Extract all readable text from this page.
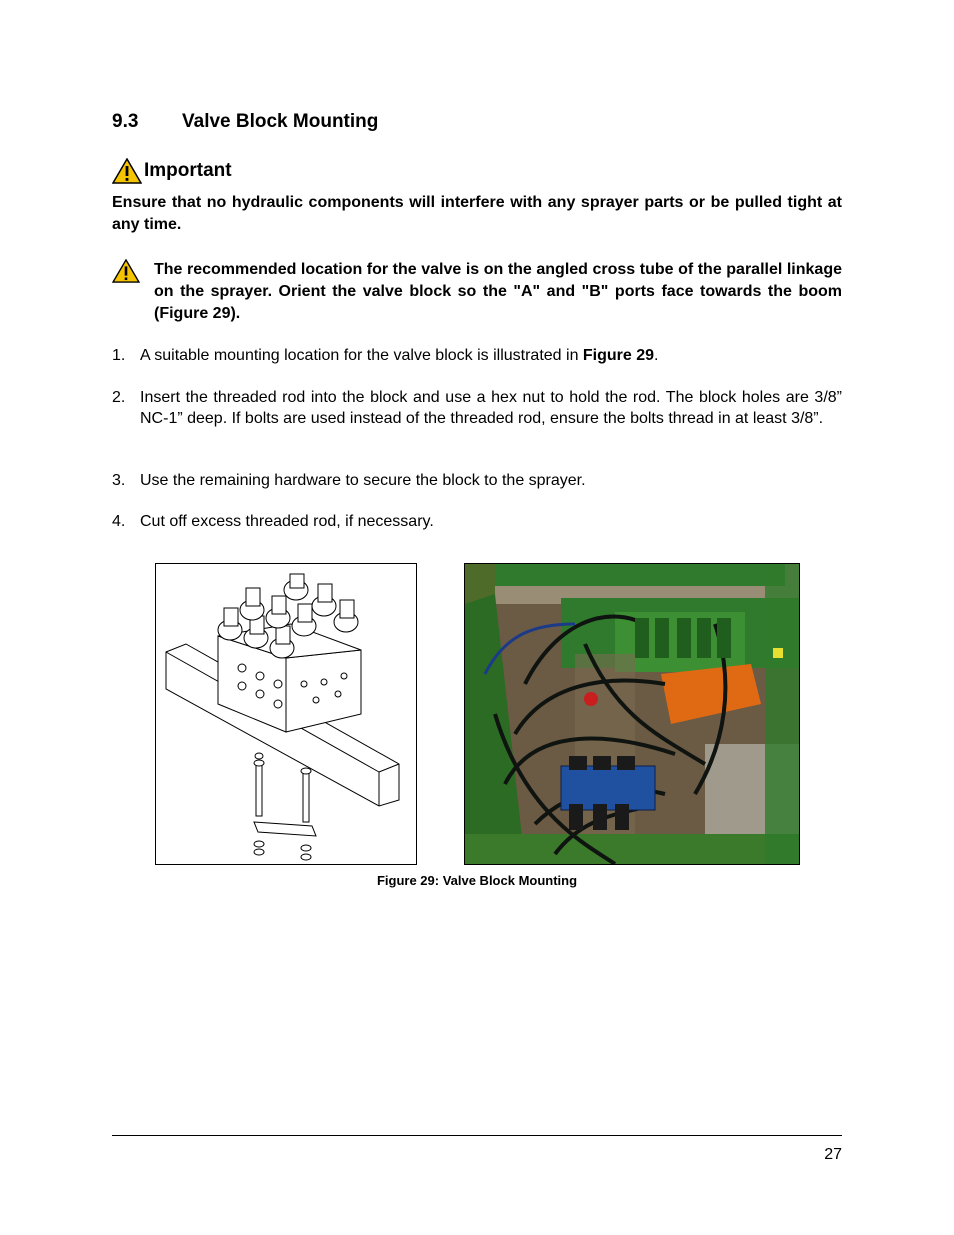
9.3 Valve Block Mounting
Important
Ensure that no hydraulic components will interfere with any sprayer parts or be pulled tight at any time.
The recommended location for the valve is on the angled cross tube of the parallel linkage on the sprayer. Orient the valve block so the "A" and "B" ports face towards the boom (Figure 29).
1. A suitable mounting location for the valve block is illustrated in Figure 29.
2. Insert the threaded rod into the block and use a hex nut to hold the rod. The block holes are 3/8” NC-1” deep. If bolts are used instead of the threaded rod, ensure the bolts thread in at least 3/8”.
3. Use the remaining hardware to secure the block to the sprayer.
4. Cut off excess threaded rod, if necessary.
Figure 29: Valve Block Mounting
27
